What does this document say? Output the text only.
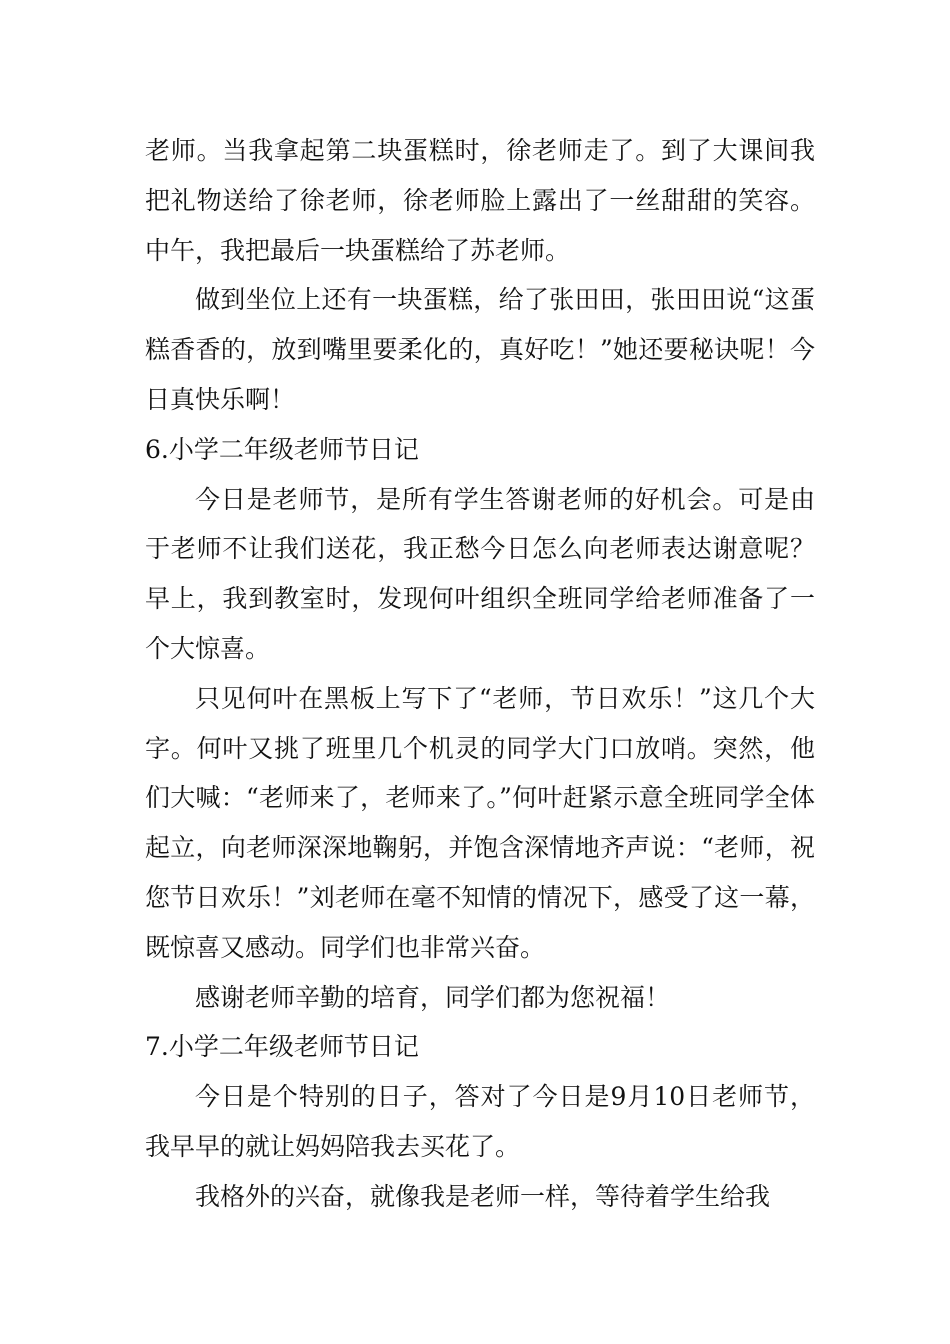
老师。当我拿起第二块蛋糕时，徐老师走了。到了大课间我把礼物送给了徐老师，徐老师脸上露出了一丝甜甜的笑容。中午，我把最后一块蛋糕给了苏老师。

做到坐位上还有一块蛋糕，给了张田田，张田田说“这蛋糕香香的，放到嘴里要柔化的，真好吃！”她还要秘诀呢！今日真快乐啊！

6.小学二年级老师节日记

今日是老师节，是所有学生答谢老师的好机会。可是由于老师不让我们送花，我正愁今日怎么向老师表达谢意呢？早上，我到教室时，发现何叶组织全班同学给老师准备了一个大惊喜。

只见何叶在黑板上写下了“老师，节日欢乐！”这几个大字。何叶又挑了班里几个机灵的同学大门口放哨。突然，他们大喊：“老师来了，老师来了。”何叶赶紧示意全班同学全体起立，向老师深深地鞠躬，并饱含深情地齐声说：“老师，祝您节日欢乐！”刘老师在毫不知情的情况下，感受了这一幕，既惊喜又感动。同学们也非常兴奋。

感谢老师辛勤的培育，同学们都为您祝福！

7.小学二年级老师节日记

今日是个特别的日子，答对了今日是9月10日老师节，我早早的就让妈妈陪我去买花了。

我格外的兴奋，就像我是老师一样，等待着学生给我
